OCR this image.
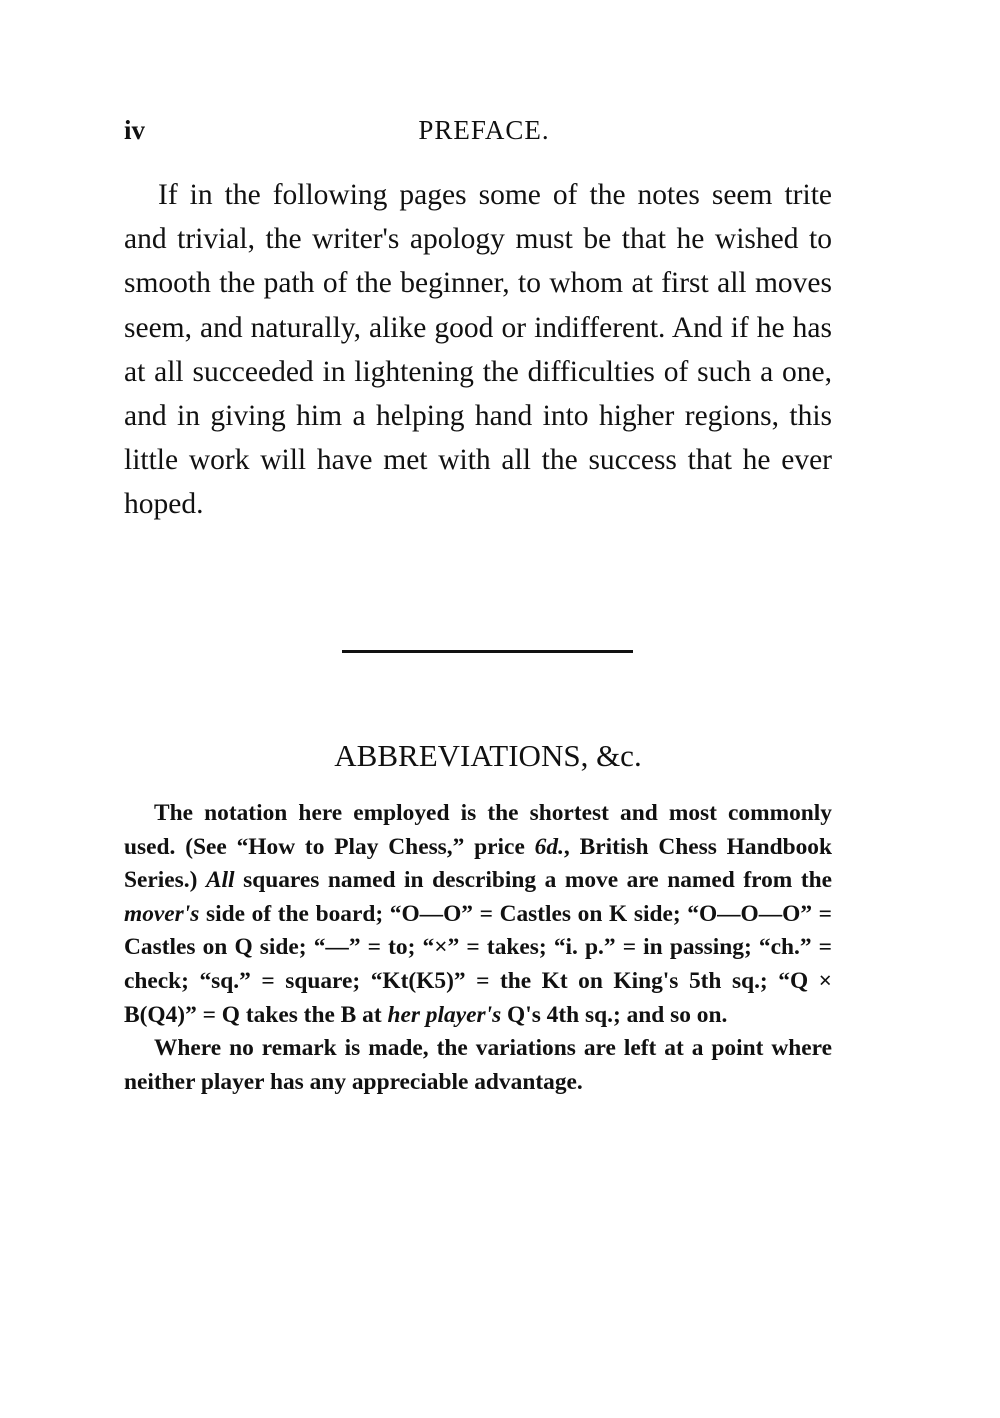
iv	PREFACE.

If in the following pages some of the notes seem trite and trivial, the writer's apology must be that he wished to smooth the path of the beginner, to whom at first all moves seem, and naturally, alike good or indifferent. And if he has at all succeeded in lightening the difficulties of such a one, and in giving him a helping hand into higher regions, this little work will have met with all the success that he ever hoped.

ABBREVIATIONS, &c.

The notation here employed is the shortest and most commonly used. (See “How to Play Chess,” price 6d., British Chess Handbook Series.) All squares named in describing a move are named from the mover's side of the board; “O—O” = Castles on K side; “O—O—O” = Castles on Q side; “—” = to; “×” = takes; “i. p.” = in passing; “ch.” = check; “sq.” = square; “Kt(K5)” = the Kt on King's 5th sq.; “Q × B(Q4)” = Q takes the B at her player's Q's 4th sq.; and so on.

Where no remark is made, the variations are left at a point where neither player has any appreciable advantage.
